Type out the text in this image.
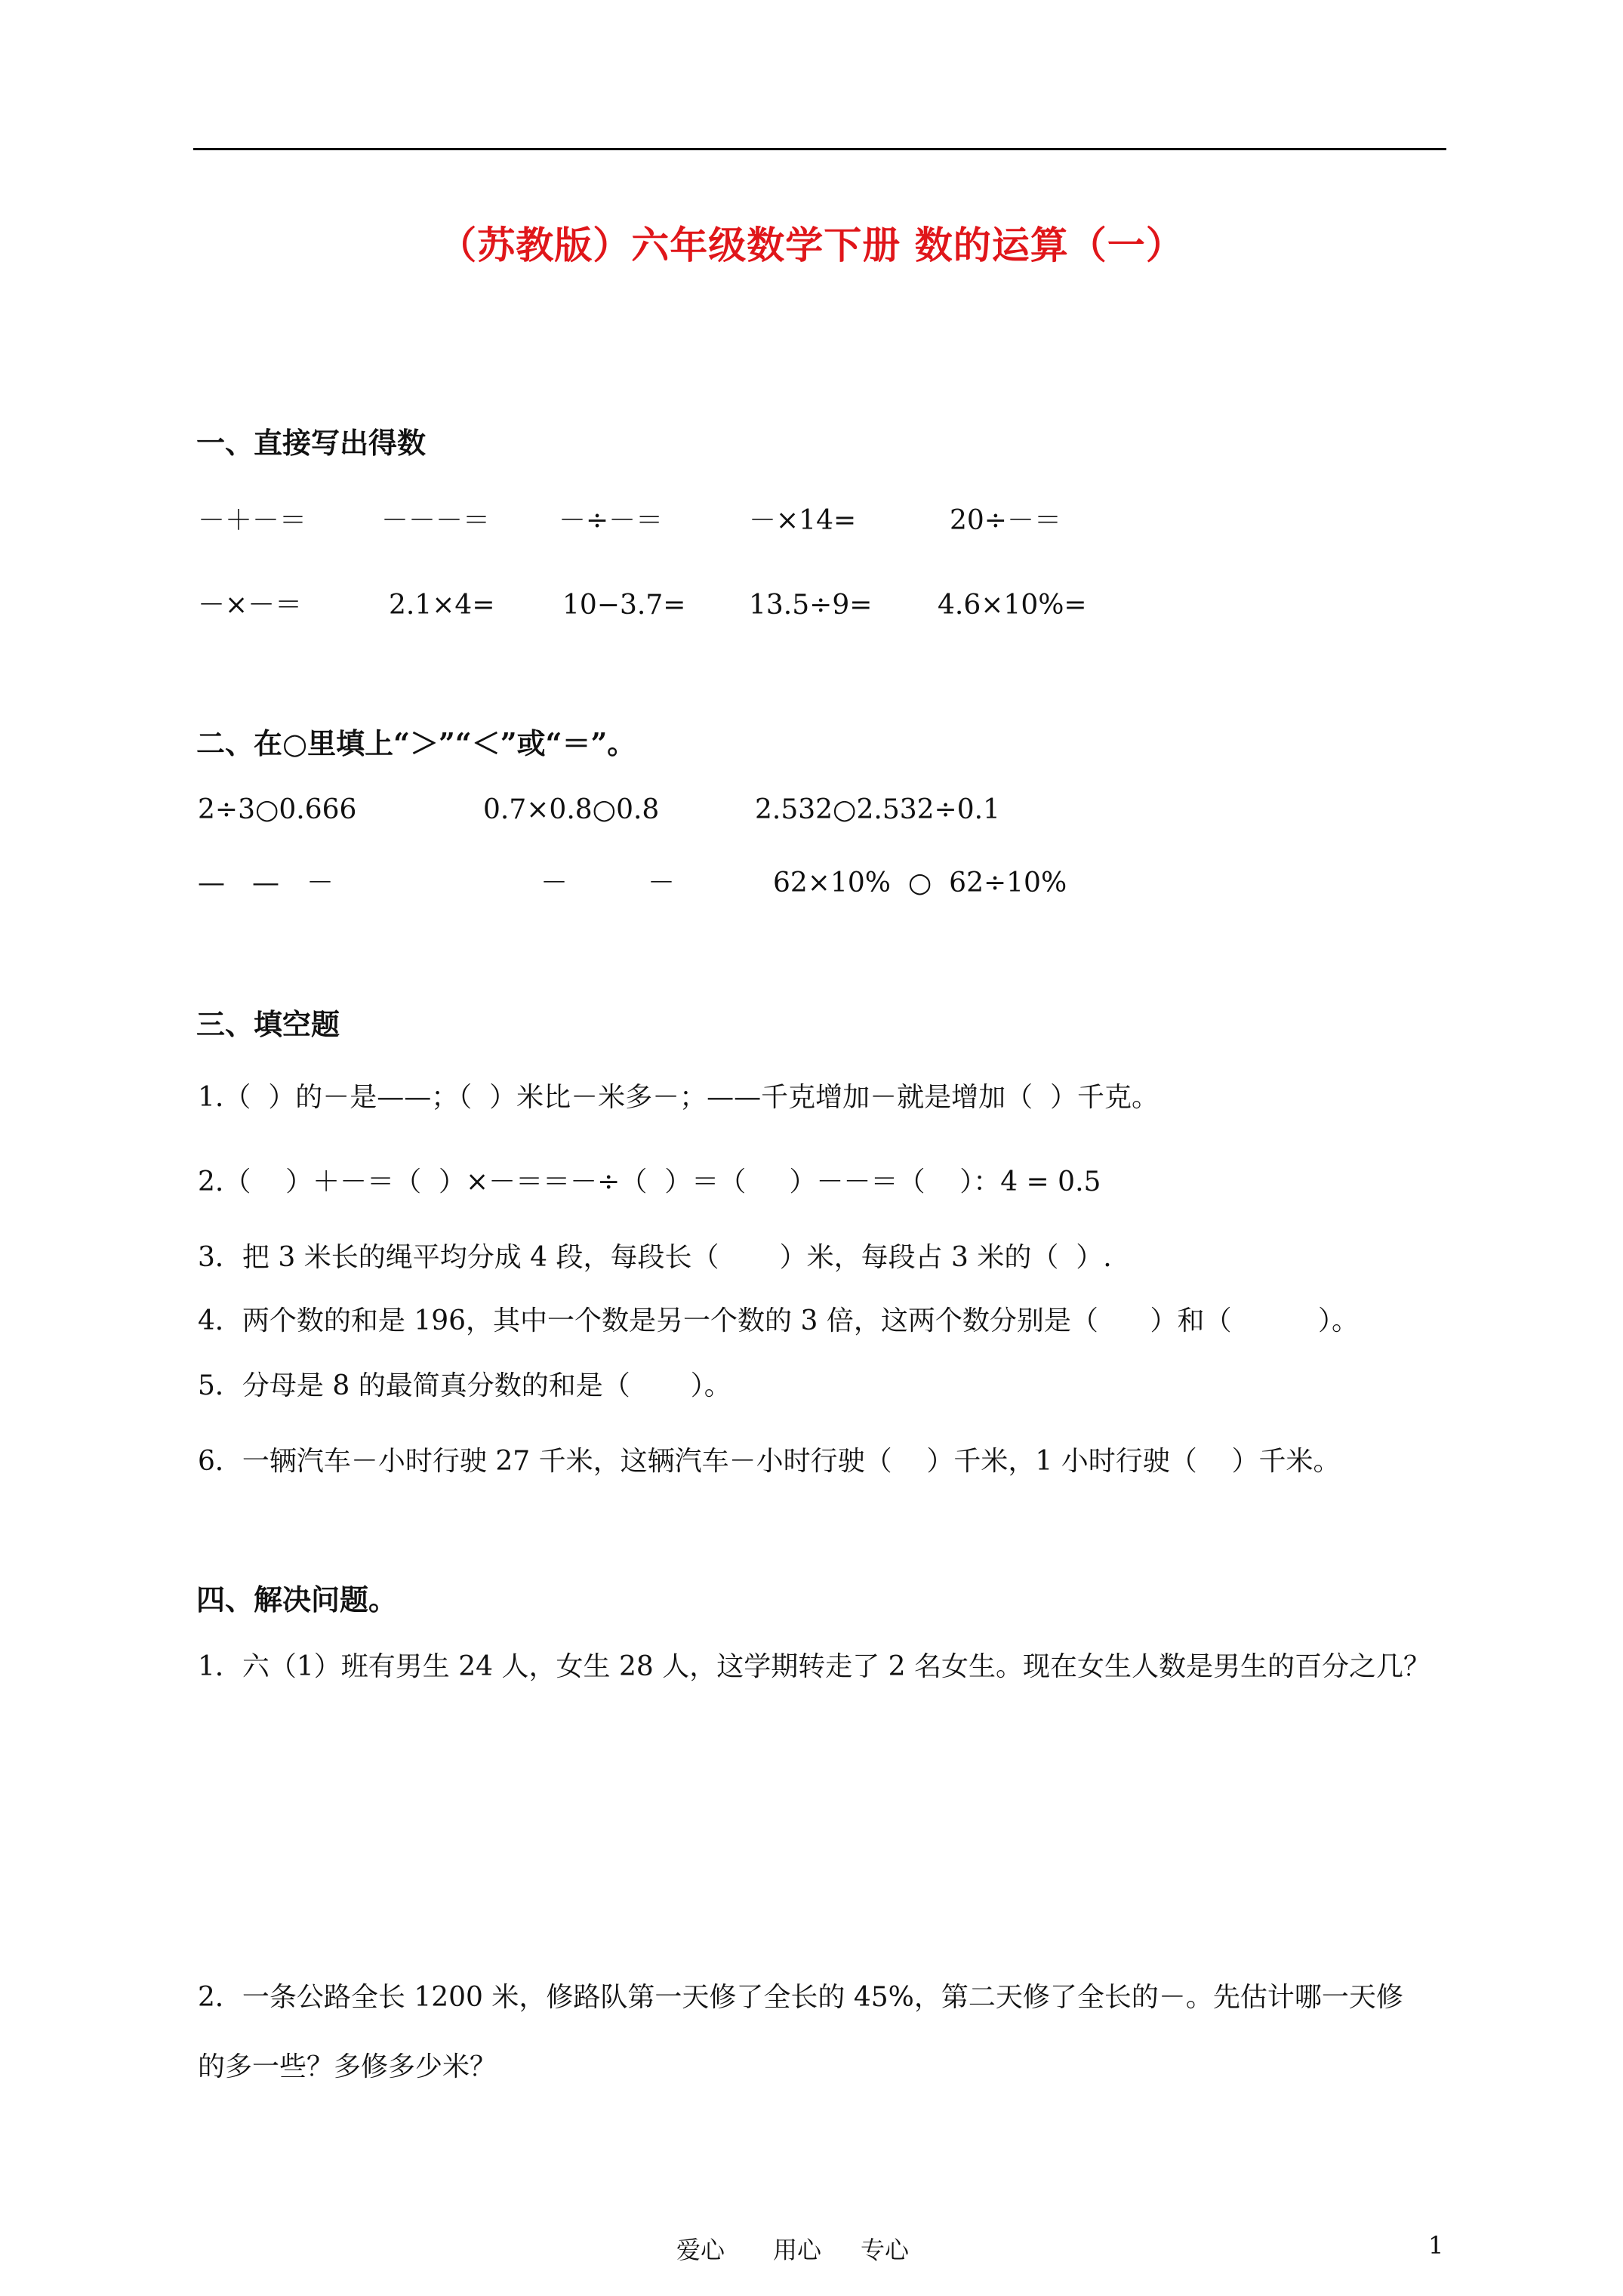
（苏教版）六年级数学下册 数的运算（一）
一、直接写出得数
－＋－＝	－－－＝	－÷－＝	－×14=	20÷－＝
－×－＝	2.1×4= 10−3.7= 13.5÷9= 4.6×10%=
二、在○里填上“＞”“＜”或“＝”。
2÷3○0.666	0.7×0.8○0.8	2.532○2.532÷0.1
—　—　－	－	－	62×10%  ○  62÷10%
三、填空题
1.（  ）的－是——；（  ）米比－米多－；——千克增加－就是增加（  ）千克。
2.（    ）＋－＝（  ）×－＝＝－÷（  ）＝（     ）－－＝（    ）：4 = 0.5
3．把 3 米长的绳平均分成 4 段，每段长（       ）米，每段占 3 米的（  ）.
4．两个数的和是 196，其中一个数是另一个数的 3 倍，这两个数分别是（      ）和（          ）。
5．分母是 8 的最简真分数的和是（       ）。
6．一辆汽车－小时行驶 27 千米，这辆汽车－小时行驶（    ）千米，1 小时行驶（    ）千米。
四、解决问题。
1．六（1）班有男生 24 人，女生 28 人，这学期转走了 2 名女生。现在女生人数是男生的百分之几？
2．一条公路全长 1200 米，修路队第一天修了全长的 45%，第二天修了全长的－。先估计哪一天修
的多一些？多修多少米？
爱心 用心 专心	1
